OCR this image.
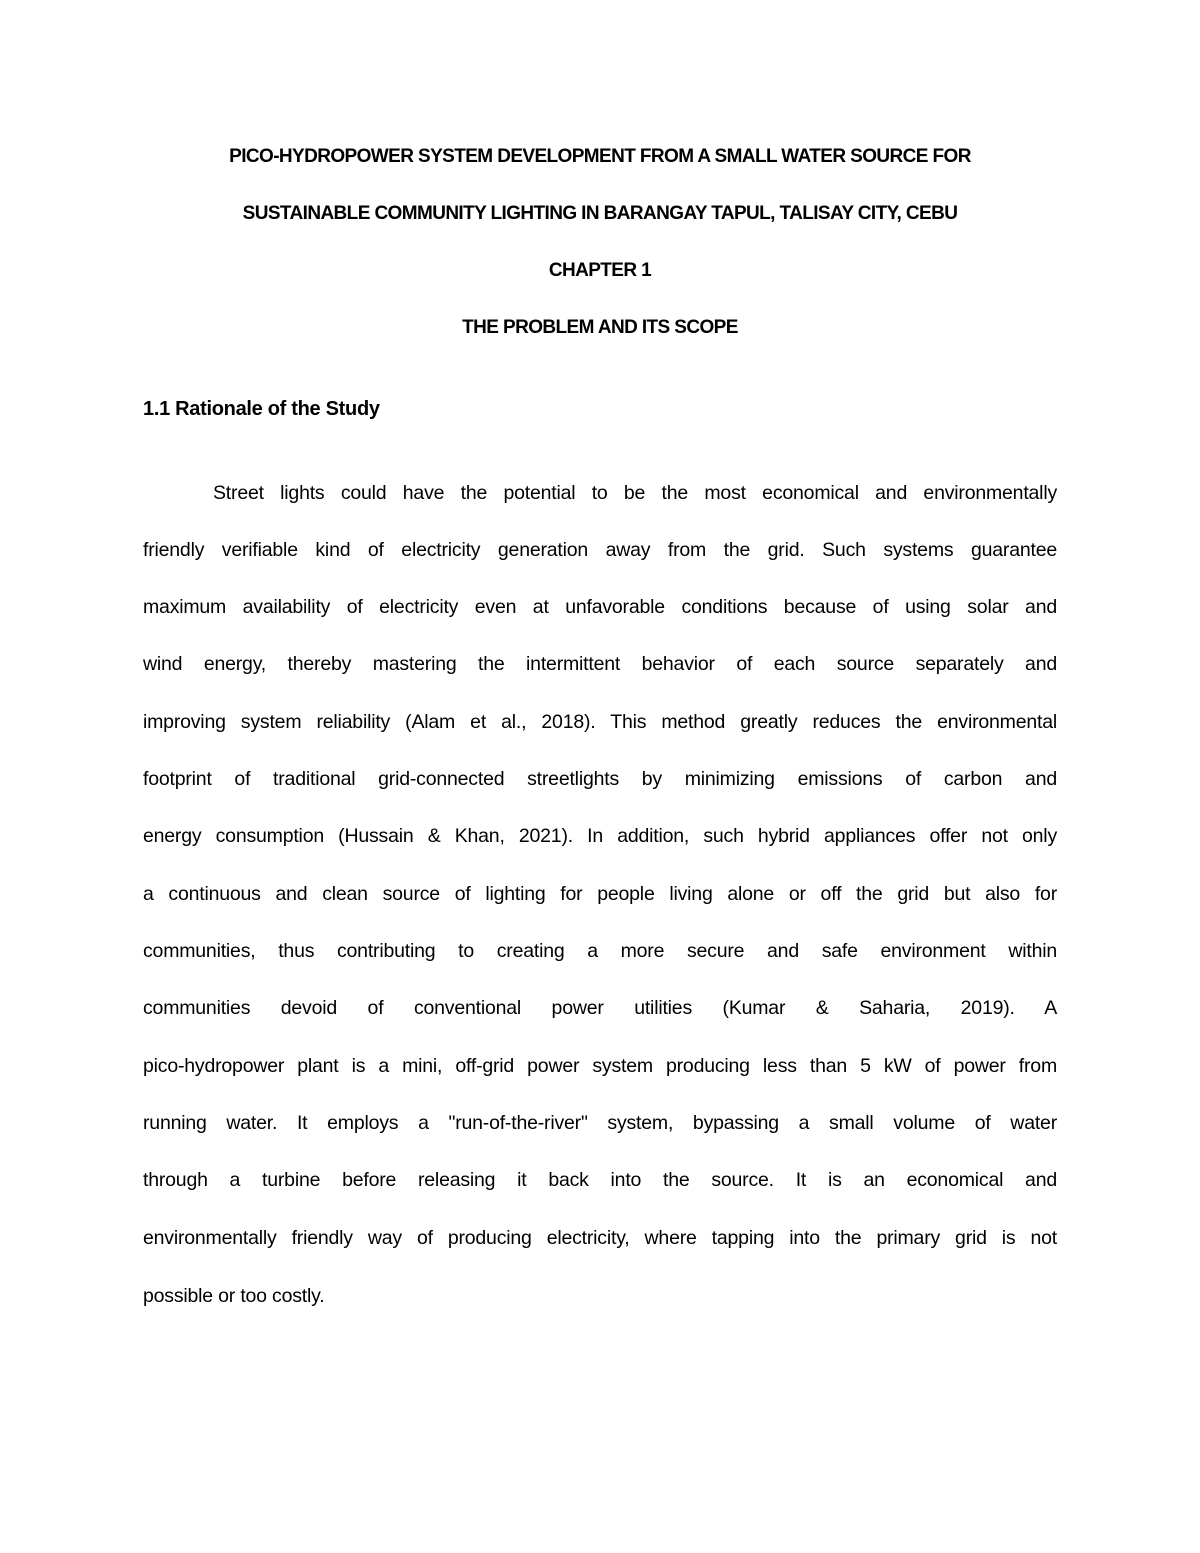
PICO-HYDROPOWER SYSTEM DEVELOPMENT FROM A SMALL WATER SOURCE FOR
SUSTAINABLE COMMUNITY LIGHTING IN BARANGAY TAPUL, TALISAY CITY, CEBU
CHAPTER 1
THE PROBLEM AND ITS SCOPE
1.1 Rationale of the Study
Street lights could have the potential to be the most economical and environmentally
friendly verifiable kind of electricity generation away from the grid. Such systems guarantee
maximum availability of electricity even at unfavorable conditions because of using solar and
wind energy, thereby mastering the intermittent behavior of each source separately and
improving system reliability (Alam et al., 2018). This method greatly reduces the environmental
footprint of traditional grid-connected streetlights by minimizing emissions of carbon and
energy consumption (Hussain & Khan, 2021). In addition, such hybrid appliances offer not only
a continuous and clean source of lighting for people living alone or off the grid but also for
communities, thus contributing to creating a more secure and safe environment within
communities devoid of conventional power utilities (Kumar & Saharia, 2019). A
pico-hydropower plant is a mini, off-grid power system producing less than 5 kW of power from
running water. It employs a "run-of-the-river" system, bypassing a small volume of water
through a turbine before releasing it back into the source. It is an economical and
environmentally friendly way of producing electricity, where tapping into the primary grid is not
possible or too costly.
